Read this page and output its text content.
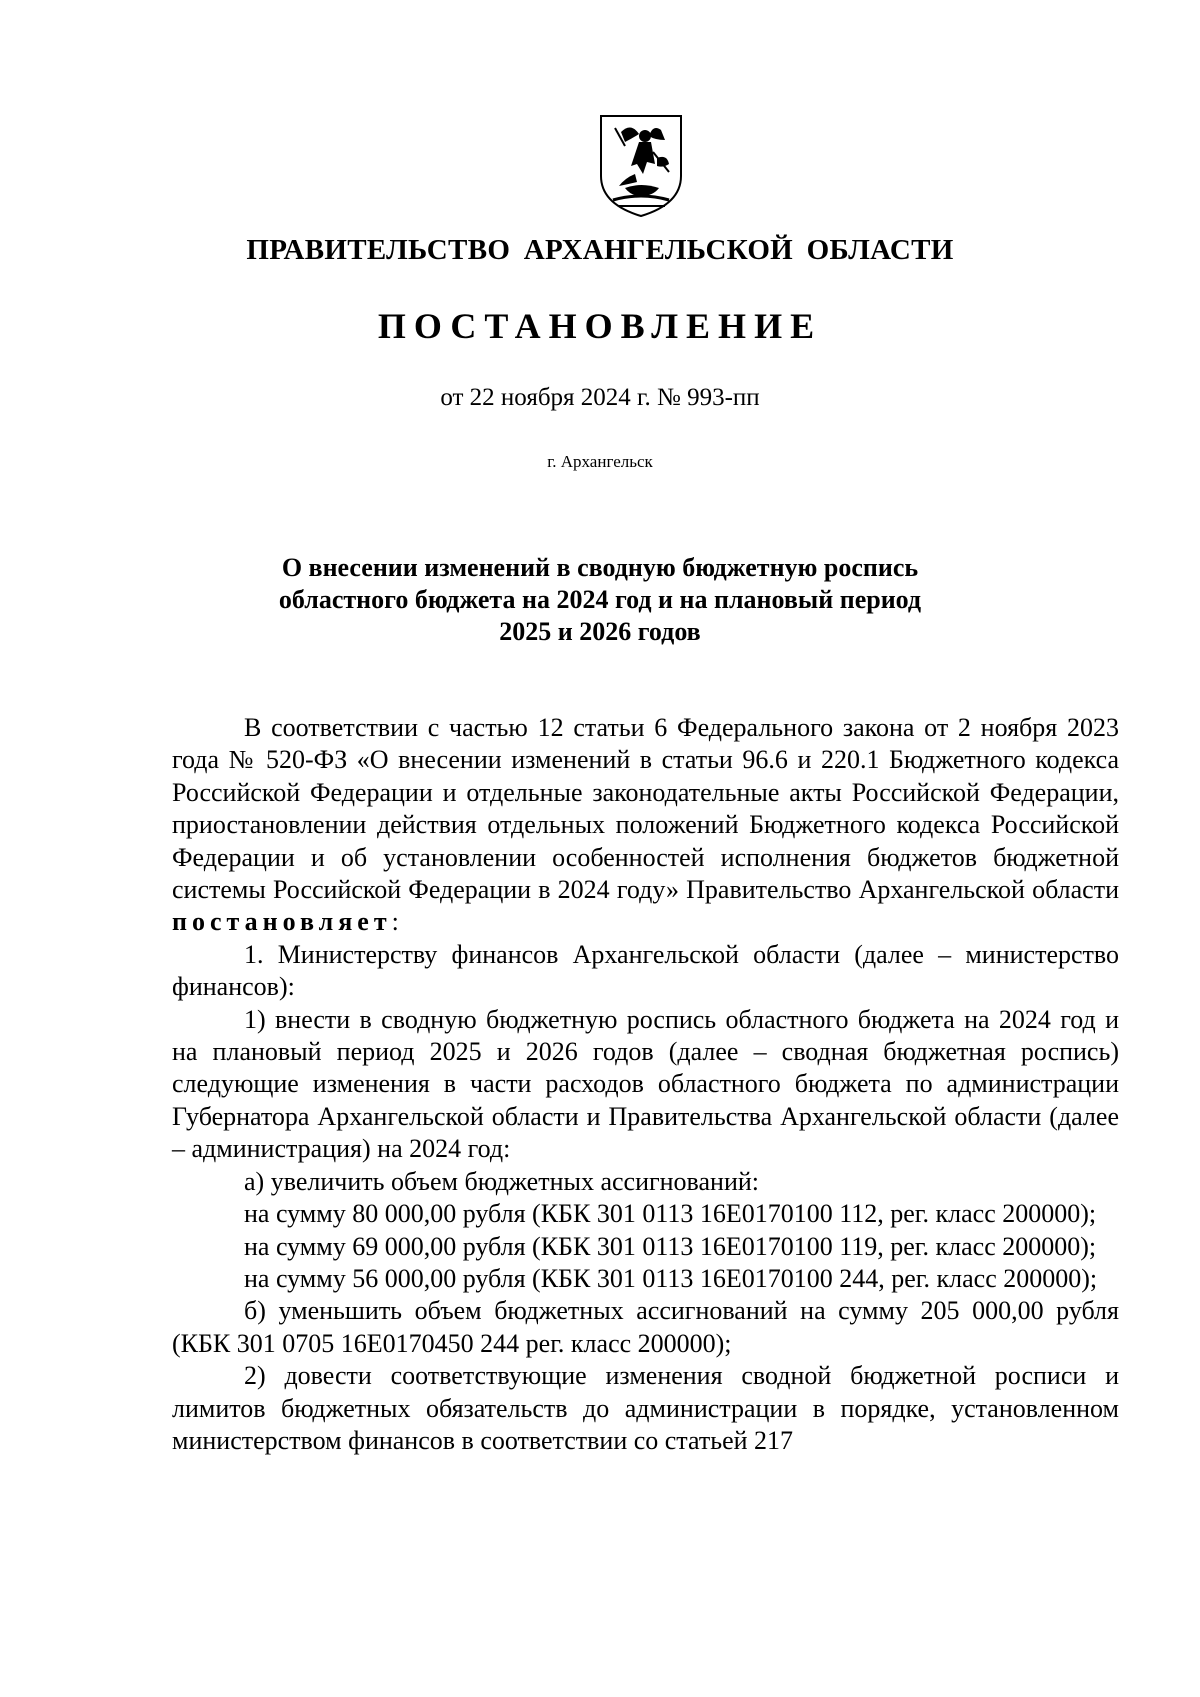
ПРАВИТЕЛЬСТВО АРХАНГЕЛЬСКОЙ ОБЛАСТИ
ПОСТАНОВЛЕНИЕ
от 22 ноября 2024 г. № 993-пп
г. Архангельск
О внесении изменений в сводную бюджетную роспись
областного бюджета на 2024 год и на плановый период
2025 и 2026 годов

В соответствии с частью 12 статьи 6 Федерального закона от 2 ноября 2023 года № 520-ФЗ «О внесении изменений в статьи 96.6 и 220.1 Бюджетного кодекса Российской Федерации и отдельные законодательные акты Российской Федерации, приостановлении действия отдельных положений Бюджетного кодекса Российской Федерации и об установлении особенностей исполнения бюджетов бюджетной системы Российской Федерации в 2024 году» Правительство Архангельской области постановляет:

1. Министерству финансов Архангельской области (далее – министерство финансов):

1) внести в сводную бюджетную роспись областного бюджета на 2024 год и на плановый период 2025 и 2026 годов (далее – сводная бюджетная роспись) следующие изменения в части расходов областного бюджета по администрации Губернатора Архангельской области и Правительства Архангельской области (далее – администрация) на 2024 год:

а) увеличить объем бюджетных ассигнований:

на сумму 80 000,00 рубля (КБК 301 0113 16Е0170100 112, рег. класс 200000);

на сумму 69 000,00 рубля (КБК 301 0113 16Е0170100 119, рег. класс 200000);

на сумму 56 000,00 рубля (КБК 301 0113 16Е0170100 244, рег. класс 200000);

б) уменьшить объем бюджетных ассигнований на сумму 205 000,00 рубля (КБК 301 0705 16Е0170450 244 рег. класс 200000);

2) довести соответствующие изменения сводной бюджетной росписи и лимитов бюджетных обязательств до администрации в порядке, установленном министерством финансов в соответствии со статьей 217
